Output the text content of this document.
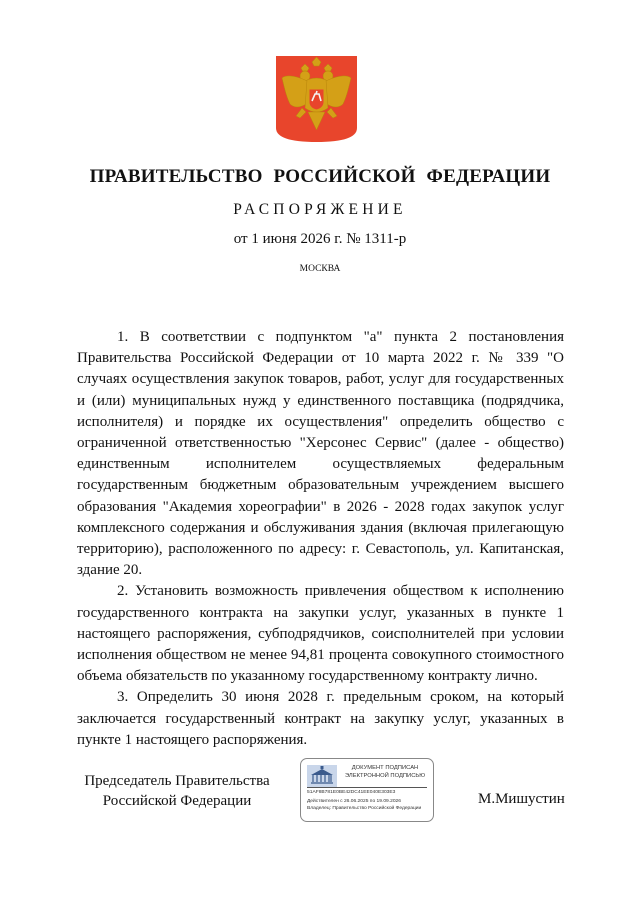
ПРАВИТЕЛЬСТВО РОССИЙСКОЙ ФЕДЕРАЦИИ
РАСПОРЯЖЕНИЕ
от 1 июня 2026 г. № 1311-р
МОСКВА

1. В соответствии с подпунктом "а" пункта 2 постановления Правительства Российской Федерации от 10 марта 2022 г. № 339 "О случаях осуществления закупок товаров, работ, услуг для государственных и (или) муниципальных нужд у единственного поставщика (подрядчика, исполнителя) и порядке их осуществления" определить общество с ограниченной ответственностью "Херсонес Сервис" (далее - общество) единственным исполнителем осуществляемых федеральным государственным бюджетным образовательным учреждением высшего образования "Академия хореографии" в 2026 - 2028 годах закупок услуг комплексного содержания и обслуживания здания (включая прилегающую территорию), расположенного по адресу: г. Севастополь, ул. Капитанская, здание 20.

2. Установить возможность привлечения обществом к исполнению государственного контракта на закупки услуг, указанных в пункте 1 настоящего распоряжения, субподрядчиков, соисполнителей при условии исполнения обществом не менее 94,81 процента совокупного стоимостного объема обязательств по указанному государственному контракту лично.

3. Определить 30 июня 2028 г. предельным сроком, на который заключается государственный контракт на закупку услуг, указанных в пункте 1 настоящего распоряжения.

Председатель Правительства
Российской Федерации
ДОКУМЕНТ ПОДПИСАН
ЭЛЕКТРОННОЙ ПОДПИСЬЮ
51AF8B781E0BE42DC41EE040E303E3
Действителен с 26.06.2025 по 19.09.2026
Владелец: Правительство Российской Федерации
М.Мишустин
